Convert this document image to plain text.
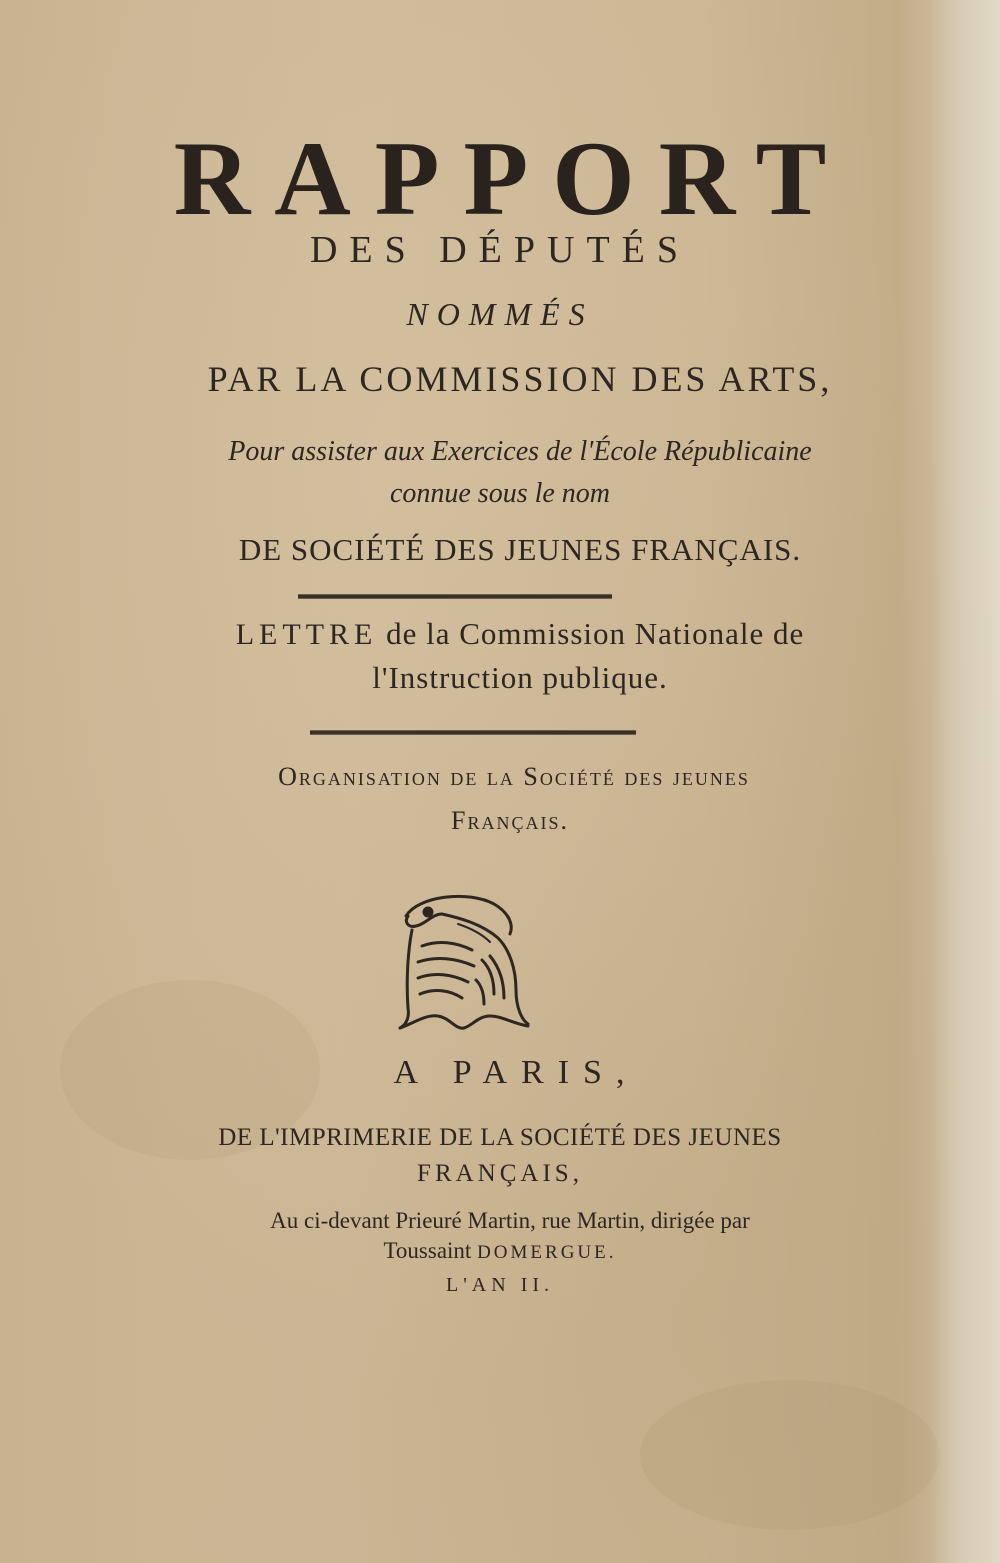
RAPPORT
DES DÉPUTÉS
NOMMÉS
PAR LA COMMISSION DES ARTS,
Pour assister aux Exercices de l'École Républicaine
connue sous le nom
DE SOCIÉTÉ DES JEUNES FRANÇAIS.
LETTRE de la Commission Nationale de
l'Instruction publique.
Organisation de la Société des jeunes
Français.
A PARIS,
DE L'IMPRIMERIE DE LA SOCIÉTÉ DES JEUNES
FRANÇAIS,
Au ci-devant Prieuré Martin, rue Martin, dirigée par
Toussaint DOMERGUE.
L'AN II.
